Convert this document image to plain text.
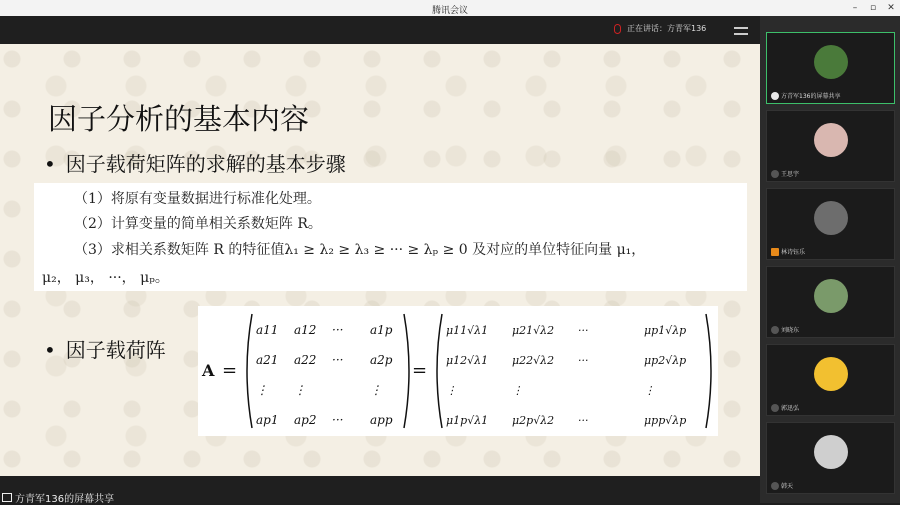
腾讯会议	–	▫	✕
正在讲话：方青军136
因子分析的基本内容
• 因子载荷矩阵的求解的基本步骤
（1）将原有变量数据进行标准化处理。
（2）计算变量的简单相关系数矩阵 R。
（3）求相关系数矩阵 R 的特征值λ₁ ≥ λ₂ ≥ λ₃ ≥ ··· ≥ λₚ ≥ 0 及对应的单位特征向量 μ₁，
μ₂， μ₃， ···， μₚ。
• 因子载荷阵
A =	=
a11 a12 ··· a1p
a21 a22 ··· a2p
⋮ ⋮	⋮
ap1 ap2 ··· app
μ11√λ1 μ21√λ2 ···	μp1√λp
μ12√λ1 μ22√λ2 ···	μp2√λp
⋮	⋮	⋮
μ1p√λ1 μ2p√λ2 ···	μpp√λp
方青军136的屏幕共享
王思宇
林诗钰乐
刘晓东
郭迅弘
韩天
方青军136的屏幕共享
